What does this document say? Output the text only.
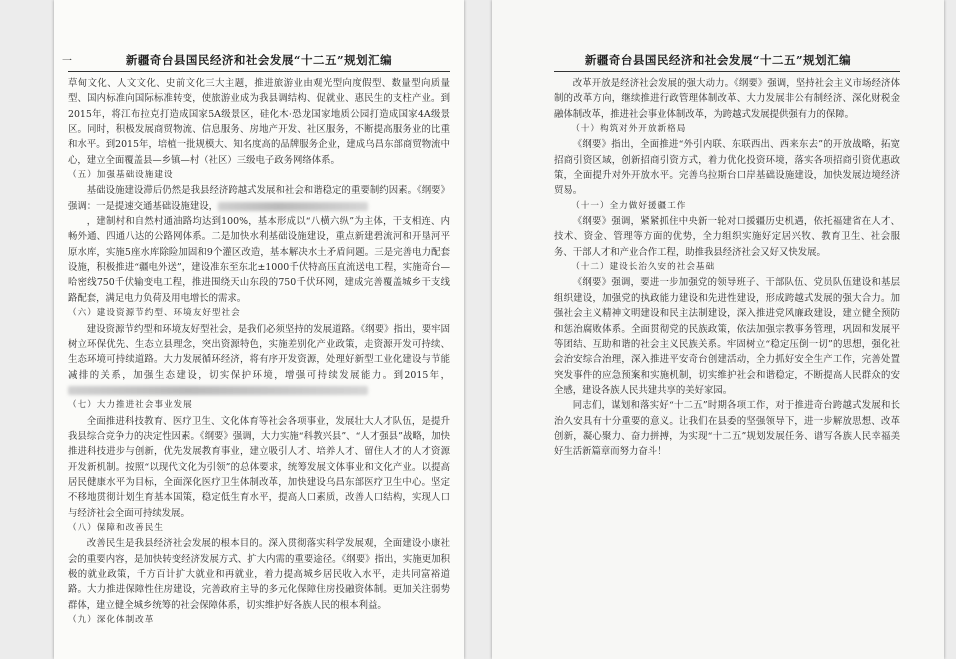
一	新疆奇台县国民经济和社会发展“十二五”规划汇编

草甸文化、人文文化、史前文化三大主题，推进旅游业由观光型向度假型、数量型向质量型、国内标准向国际标准转变，使旅游业成为我县调结构、促就业、惠民生的支柱产业。到2015年，将江布拉克打造成国家5A级景区，硅化木·恐龙国家地质公园打造成国家4A级景区。同时，积极发展商贸物流、信息服务、房地产开发、社区服务，不断提高服务业的比重和水平。到2015年，培植一批规模大、知名度高的品牌服务企业，建成乌昌东部商贸物流中心，建立全面覆盖县—乡镇—村（社区）三级电子政务网络体系。

（五）加强基础设施建设

基础设施建设滞后仍然是我县经济跨越式发展和社会和谐稳定的重要制约因素。《纲要》强调：一是提速交通基础设施建设，

，建制村和自然村通油路均达到100%，基本形成以“八横六纵”为主体，干支相连、内畅外通、四通八达的公路网体系。二是加快水利基础设施建设，重点新建碧流河和开垦河平原水库，实施5座水库除险加固和9个灌区改造，基本解决水土矛盾问题。三是完善电力配套设施，积极推进“疆电外送”，建设准东至东北±1000千伏特高压直流送电工程，实施奇台—哈密线750千伏输变电工程，推进围绕天山东段的750千伏环网，建成完善覆盖城乡干支线路配套，满足电力负荷及用电增长的需求。

（六）建设资源节约型、环境友好型社会

建设资源节约型和环境友好型社会，是我们必须坚持的发展道路。《纲要》指出，要牢固树立环保优先、生态立县理念，突出资源特色，实施差别化产业政策，走资源开发可持续、生态环境可持续道路。大力发展循环经济，将有序开发资源，处理好新型工业化建设与节能减排的关系，加强生态建设，切实保护环境，增强可持续发展能力。到2015年，

（七）大力推进社会事业发展

全面推进科技教育、医疗卫生、文化体育等社会各项事业，发展壮大人才队伍，是提升我县综合竞争力的决定性因素。《纲要》强调，大力实施“科教兴县”、“人才强县”战略，加快推进科技进步与创新，优先发展教育事业，建立吸引人才、培养人才、留住人才的人才资源开发新机制。按照“以现代文化为引领”的总体要求，统筹发展文体事业和文化产业。以提高居民健康水平为目标，全面深化医疗卫生体制改革，加快建设乌昌东部医疗卫生中心。坚定不移地贯彻计划生育基本国策，稳定低生育水平，提高人口素质，改善人口结构，实现人口与经济社会全面可持续发展。

（八）保障和改善民生

改善民生是我县经济社会发展的根本目的。深入贯彻落实科学发展观，全面建设小康社会的重要内容，是加快转变经济发展方式、扩大内需的重要途径。《纲要》指出，实施更加积极的就业政策，千方百计扩大就业和再就业，着力提高城乡居民收入水平，走共同富裕道路。大力推进保障性住房建设，完善政府主导的多元化保障住房投融资体制。更加关注弱势群体，建立健全城乡统筹的社会保障体系，切实维护好各族人民的根本利益。

（九）深化体制改革
新疆奇台县国民经济和社会发展“十二五”规划汇编

改革开放是经济社会发展的强大动力。《纲要》强调，坚持社会主义市场经济体制的改革方向，继续推进行政管理体制改革、大力发展非公有制经济、深化财税金融体制改革，推进社会事业体制改革，为跨越式发展提供强有力的保障。

（十）构筑对外开放新格局

《纲要》指出，全面推进“外引内联、东联西出、西来东去”的开放战略，拓宽招商引资区域，创新招商引资方式，着力优化投资环境，落实各项招商引资优惠政策，全面提升对外开放水平。完善乌拉斯台口岸基础设施建设，加快发展边境经济贸易。

（十一）全力做好援疆工作

《纲要》强调，紧紧抓住中央新一轮对口援疆历史机遇，依托福建省在人才、技术、资金、管理等方面的优势，全力组织实施好定居兴牧、教育卫生、社会服务、干部人才和产业合作工程，助推我县经济社会又好又快发展。

（十二）建设长治久安的社会基础

《纲要》强调，要进一步加强党的领导班子、干部队伍、党员队伍建设和基层组织建设，加强党的执政能力建设和先进性建设，形成跨越式发展的强大合力。加强社会主义精神文明建设和民主法制建设，深入推进党风廉政建设，建立健全预防和惩治腐败体系。全面贯彻党的民族政策，依法加强宗教事务管理，巩固和发展平等团结、互助和谐的社会主义民族关系。牢固树立“稳定压倒一切”的思想，强化社会治安综合治理，深入推进平安奇台创建活动，全力抓好安全生产工作，完善处置突发事件的应急预案和实施机制，切实维护社会和谐稳定，不断提高人民群众的安全感，建设各族人民共建共享的美好家园。

同志们，谋划和落实好“十二五”时期各项工作，对于推进奇台跨越式发展和长治久安具有十分重要的意义。让我们在县委的坚强领导下，进一步解放思想、改革创新，凝心聚力、奋力拼搏，为实现“十二五”规划发展任务、谱写各族人民幸福美好生活新篇章而努力奋斗！
